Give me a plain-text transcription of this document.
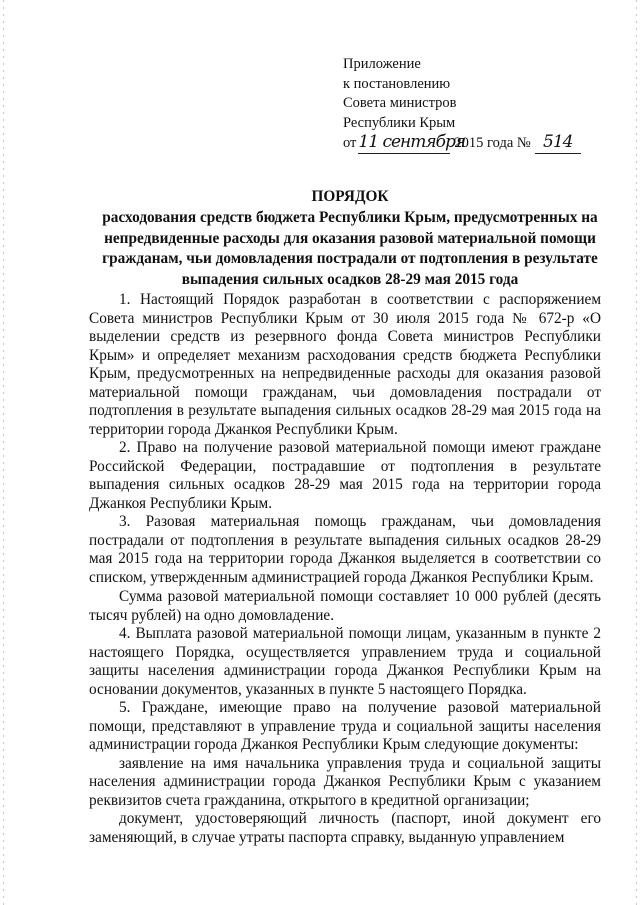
Приложение
к постановлению
Совета министров
Республики Крым
от 11 сентября2015 года № 514
ПОРЯДОК
расходования средств бюджета Республики Крым, предусмотренных на
непредвиденные расходы для оказания разовой материальной помощи
гражданам, чьи домовладения пострадали от подтопления в результате
выпадения сильных осадков 28-29 мая 2015 года

1. Настоящий Порядок разработан в соответствии с распоряжением Совета министров Республики Крым от 30 июля 2015 года № 672-р «О выделении средств из резервного фонда Совета министров Республики Крым» и определяет механизм расходования средств бюджета Республики Крым, предусмотренных на непредвиденные расходы для оказания разовой материальной помощи гражданам, чьи домовладения пострадали от подтопления в результате выпадения сильных осадков 28-29 мая 2015 года на территории города Джанкоя Республики Крым.

2. Право на получение разовой материальной помощи имеют граждане Российской Федерации, пострадавшие от подтопления в результате выпадения сильных осадков 28-29 мая 2015 года на территории города Джанкоя Республики Крым.

3. Разовая материальная помощь гражданам, чьи домовладения пострадали от подтопления в результате выпадения сильных осадков 28-29 мая 2015 года на территории города Джанкоя выделяется в соответствии со списком, утвержденным администрацией города Джанкоя Республики Крым.

Сумма разовой материальной помощи составляет 10 000 рублей (десять тысяч рублей) на одно домовладение.

4. Выплата разовой материальной помощи лицам, указанным в пункте 2 настоящего Порядка, осуществляется управлением труда и социальной защиты населения администрации города Джанкоя Республики Крым на основании документов, указанных в пункте 5 настоящего Порядка.

5. Граждане, имеющие право на получение разовой материальной помощи, представляют в управление труда и социальной защиты населения администрации города Джанкоя Республики Крым следующие документы:

заявление на имя начальника управления труда и социальной защиты населения администрации города Джанкоя Республики Крым с указанием реквизитов счета гражданина, открытого в кредитной организации;

документ, удостоверяющий личность (паспорт, иной документ его заменяющий, в случае утраты паспорта справку, выданную управлением
